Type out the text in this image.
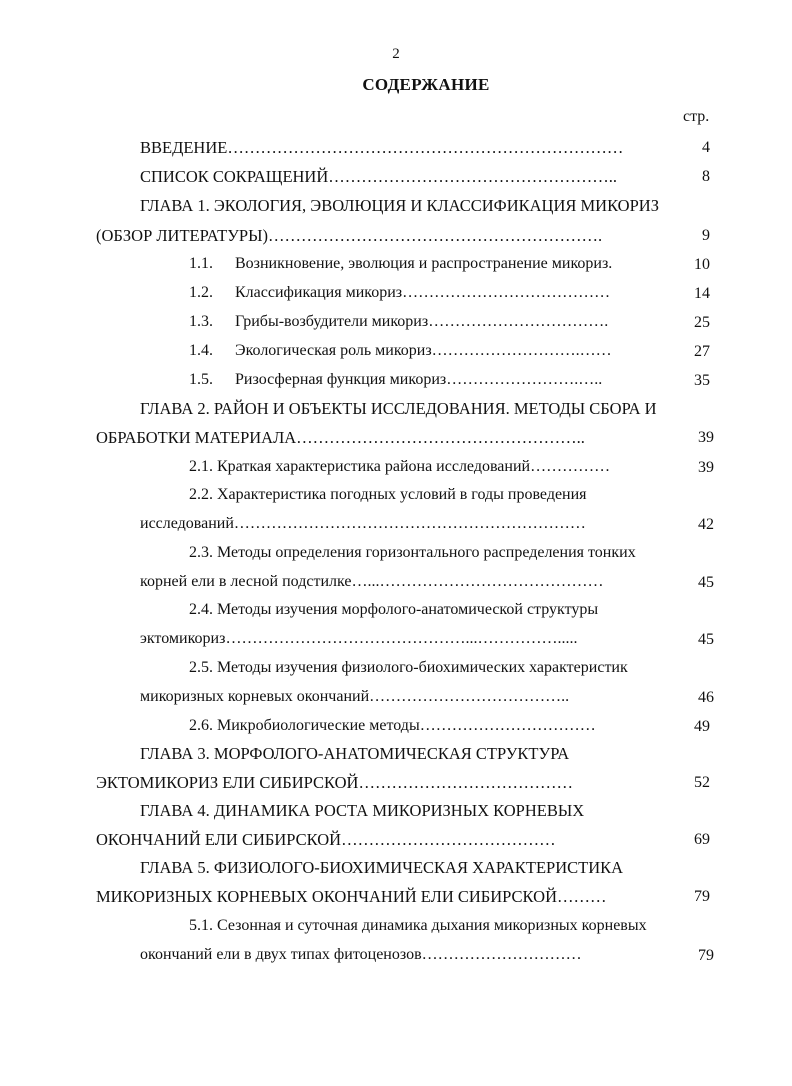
2
СОДЕРЖАНИЕ
стр.
ВВЕДЕНИЕ………………………………………………………………	4
СПИСОК СОКРАЩЕНИЙ……………………………………………..	8
ГЛАВА 1. ЭКОЛОГИЯ, ЭВОЛЮЦИЯ И КЛАССИФИКАЦИЯ МИКОРИЗ
(ОБЗОР ЛИТЕРАТУРЫ)…………………………………………………….	9
1.1. Возникновение, эволюция и распространение микориз.	10
1.2. Классификация микориз…………………………………	14
1.3. Грибы-возбудители микориз…………………………….	25
1.4. Экологическая роль микориз……………………….……	27
1.5. Ризосферная функция микориз…………………….…..	35
ГЛАВА 2. РАЙОН И ОБЪЕКТЫ ИССЛЕДОВАНИЯ. МЕТОДЫ СБОРА И
ОБРАБОТКИ МАТЕРИАЛА……………………………………………..	39
2.1. Краткая характеристика района исследований……………	39
2.2. Характеристика погодных условий в годы проведения
исследований…………………………………………………………	42
2.3. Методы определения горизонтального распределения тонких
корней ели в лесной подстилке…...……………………………………	45
2.4. Методы изучения морфолого-анатомической структуры
эктомикориз………………………………………...…………….....	45
2.5. Методы изучения физиолого-биохимических характеристик
микоризных корневых окончаний………………………………..	46
2.6. Микробиологические методы……………………………	49
ГЛАВА 3. МОРФОЛОГО-АНАТОМИЧЕСКАЯ СТРУКТУРА
ЭКТОМИКОРИЗ ЕЛИ СИБИРСКОЙ…………………………………	52
ГЛАВА 4. ДИНАМИКА РОСТА МИКОРИЗНЫХ КОРНЕВЫХ
ОКОНЧАНИЙ ЕЛИ СИБИРСКОЙ…………………………………	69
ГЛАВА 5. ФИЗИОЛОГО-БИОХИМИЧЕСКАЯ ХАРАКТЕРИСТИКА
МИКОРИЗНЫХ КОРНЕВЫХ ОКОНЧАНИЙ ЕЛИ СИБИРСКОЙ………	79
5.1. Сезонная и суточная динамика дыхания микоризных корневых
окончаний ели в двух типах фитоценозов…………………………	79
